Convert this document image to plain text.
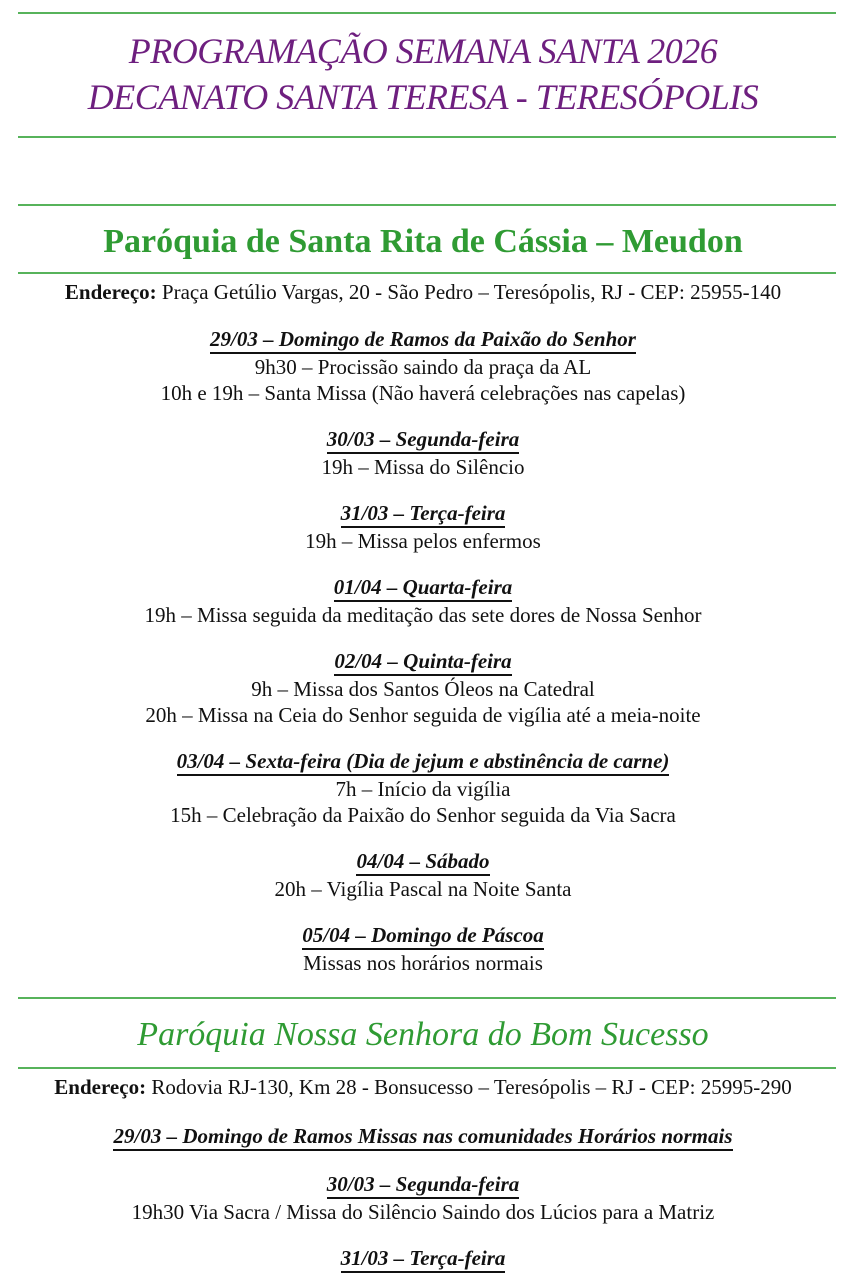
PROGRAMAÇÃO SEMANA SANTA 2026
DECANATO SANTA TERESA - TERESÓPOLIS
Paróquia de Santa Rita de Cássia – Meudon

Endereço: Praça Getúlio Vargas, 20 - São Pedro – Teresópolis, RJ - CEP: 25955-140

29/03 – Domingo de Ramos da Paixão do Senhor
9h30 – Procissão saindo da praça da AL
10h e 19h – Santa Missa (Não haverá celebrações nas capelas)
30/03 – Segunda-feira
19h – Missa do Silêncio
31/03 – Terça-feira
19h – Missa pelos enfermos
01/04 – Quarta-feira
19h – Missa seguida da meditação das sete dores de Nossa Senhor
02/04 – Quinta-feira
9h – Missa dos Santos Óleos na Catedral
20h – Missa na Ceia do Senhor seguida de vigília até a meia-noite
03/04 – Sexta-feira (Dia de jejum e abstinência de carne)
7h – Início da vigília
15h – Celebração da Paixão do Senhor seguida da Via Sacra
04/04 – Sábado
20h – Vigília Pascal na Noite Santa
05/04 – Domingo de Páscoa
Missas nos horários normais
Paróquia Nossa Senhora do Bom Sucesso

Endereço: Rodovia RJ-130, Km 28 - Bonsucesso – Teresópolis – RJ - CEP: 25995-290

29/03 – Domingo de Ramos Missas nas comunidades Horários normais
30/03 – Segunda-feira
19h30 Via Sacra / Missa do Silêncio Saindo dos Lúcios para a Matriz
31/03 – Terça-feira
